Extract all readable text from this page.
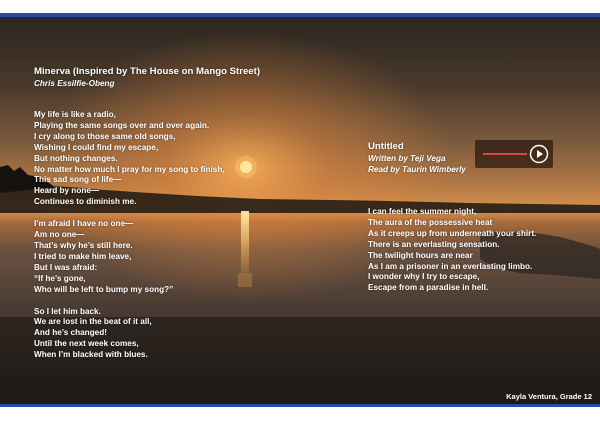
Minerva (Inspired by The House on Mango Street)
Chris Essilfie-Obeng
My life is like a radio,
Playing the same songs over and over again.
I cry along to those same old songs,
Wishing I could find my escape,
But nothing changes.
No matter how much I pray for my song to finish,
This sad song of life—
Heard by none—
Continues to diminish me.
I’m afraid I have no one—
Am no one—
That’s why he’s still here.
I tried to make him leave,
But I was afraid:
“If he’s gone,
Who will be left to bump my song?”
So I let him back.
We are lost in the beat of it all,
And he’s changed!
Until the next week comes,
When I’m blacked with blues.
Untitled
Written by Teji Vega
Read by Taurin Wimberly
I can feel the summer night,
The aura of the possessive heat
As it creeps up from underneath your shirt.
There is an everlasting sensation.
The twilight hours are near
As I am a prisoner in an everlasting limbo.
I wonder why I try to escape,
Escape from a paradise in hell.
Kayla Ventura, Grade 12
